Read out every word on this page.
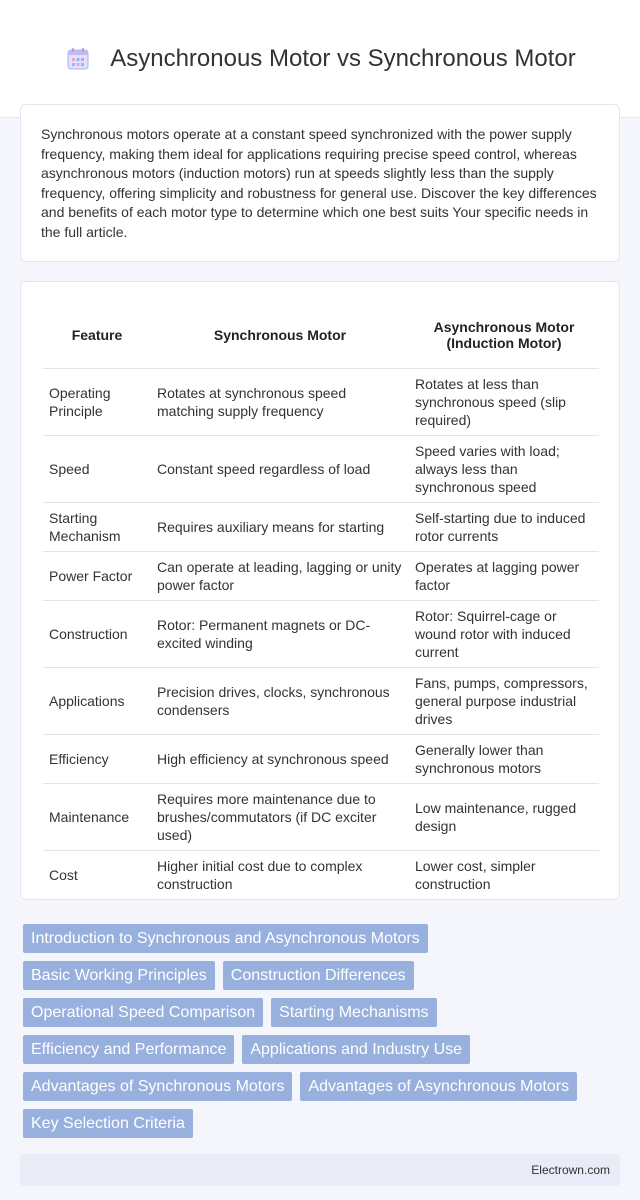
Asynchronous Motor vs Synchronous Motor

Synchronous motors operate at a constant speed synchronized with the power supply frequency, making them ideal for applications requiring precise speed control, whereas asynchronous motors (induction motors) run at speeds slightly less than the supply frequency, offering simplicity and robustness for general use. Discover the key differences and benefits of each motor type to determine which one best suits Your specific needs in the full article.

Feature	Synchronous Motor	Asynchronous Motor (Induction Motor)
Operating Principle	Rotates at synchronous speed matching supply frequency	Rotates at less than synchronous speed (slip required)
Speed	Constant speed regardless of load	Speed varies with load; always less than synchronous speed
Starting Mechanism	Requires auxiliary means for starting	Self-starting due to induced rotor currents
Power Factor	Can operate at leading, lagging or unity power factor	Operates at lagging power factor
Construction	Rotor: Permanent magnets or DC-excited winding	Rotor: Squirrel-cage or wound rotor with induced current
Applications	Precision drives, clocks, synchronous condensers	Fans, pumps, compressors, general purpose industrial drives
Efficiency	High efficiency at synchronous speed	Generally lower than synchronous motors
Maintenance	Requires more maintenance due to brushes/commutators (if DC exciter used)	Low maintenance, rugged design
Cost	Higher initial cost due to complex construction	Lower cost, simpler construction
Introduction to Synchronous and Asynchronous Motors
Basic Working Principles	Construction Differences
Operational Speed Comparison	Starting Mechanisms
Efficiency and Performance	Applications and Industry Use
Advantages of Synchronous Motors	Advantages of Asynchronous Motors
Key Selection Criteria
Electrown.com
